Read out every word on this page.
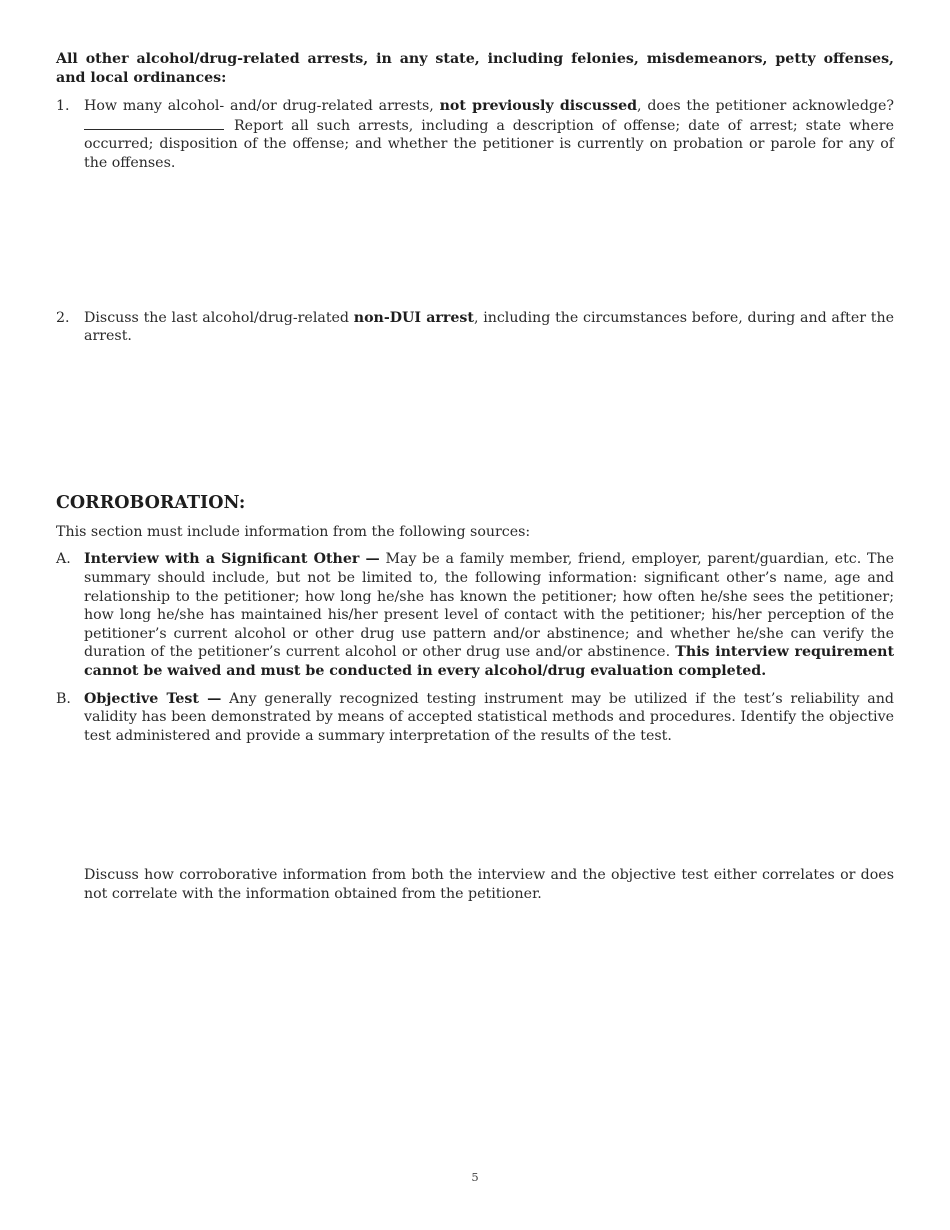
All other alcohol/drug-related arrests, in any state, including felonies, misdemeanors, petty offenses, and local ordinances:

1.	How many alcohol- and/or drug-related arrests, not previously discussed, does the petitioner acknowledge? Report all such arrests, including a description of offense; date of arrest; state where occurred; disposition of the offense; and whether the petitioner is currently on probation or parole for any of the offenses.
2.	Discuss the last alcohol/drug-related non-DUI arrest, including the circumstances before, during and after the arrest.

CORROBORATION:

This section must include information from the following sources:

A. Interview with a Significant Other — May be a family member, friend, employer, parent/guardian, etc. The summary should include, but not be limited to, the following information: significant other’s name, age and relationship to the petitioner; how long he/she has known the petitioner; how often he/she sees the petitioner; how long he/she has maintained his/her present level of contact with the petitioner; his/her perception of the petitioner’s current alcohol or other drug use pattern and/or abstinence; and whether he/she can verify the duration of the petitioner’s current alcohol or other drug use and/or abstinence. This interview requirement cannot be waived and must be conducted in every alcohol/drug evaluation completed.
B. Objective Test — Any generally recognized testing instrument may be utilized if the test’s reliability and validity has been demonstrated by means of accepted statistical methods and procedures. Identify the objective test administered and provide a summary interpretation of the results of the test.

Discuss how corroborative information from both the interview and the objective test either correlates or does not correlate with the information obtained from the petitioner.

5
